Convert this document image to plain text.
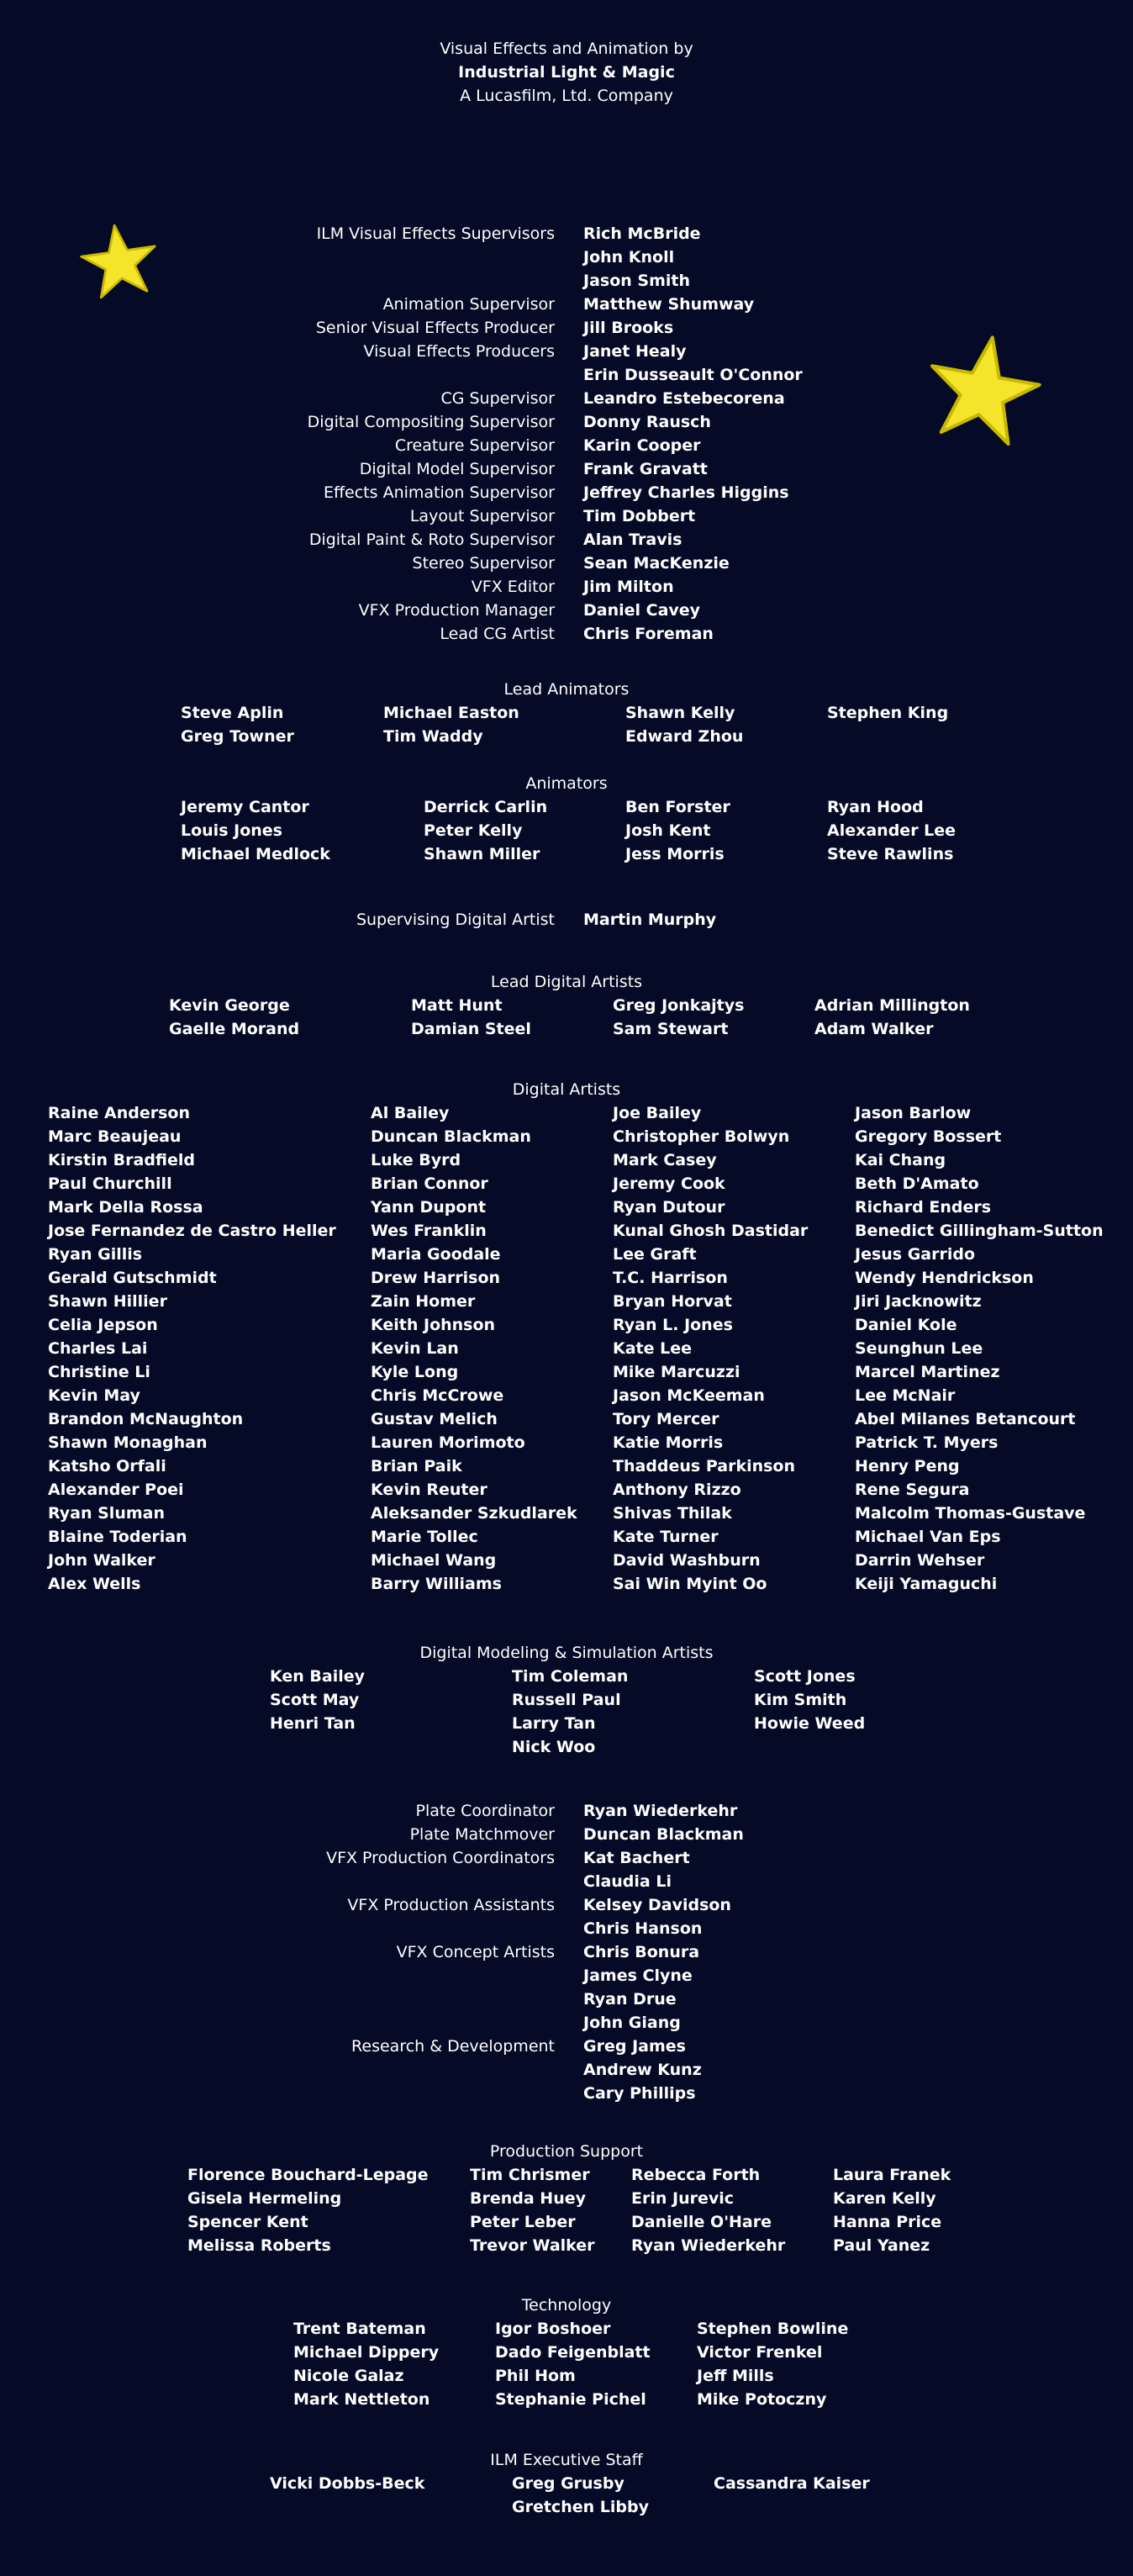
Visual Effects and Animation by
Industrial Light & Magic
A Lucasfilm, Ltd. Company
ILM Visual Effects Supervisors Rich McBride
John Knoll
Jason Smith
Animation Supervisor Matthew Shumway
Senior Visual Effects Producer Jill Brooks
Visual Effects Producers Janet Healy
Erin Dusseault O'Connor
CG Supervisor Leandro Estebecorena
Digital Compositing Supervisor Donny Rausch
Creature Supervisor Karin Cooper
Digital Model Supervisor Frank Gravatt
Effects Animation Supervisor Jeffrey Charles Higgins
Layout Supervisor Tim Dobbert
Digital Paint & Roto Supervisor Alan Travis
Stereo Supervisor Sean MacKenzie
VFX Editor Jim Milton
VFX Production Manager Daniel Cavey
Lead CG Artist Chris Foreman
Lead Animators
Steve Aplin
Greg Towner
Michael Easton
Tim Waddy
Shawn Kelly
Edward Zhou
Stephen King
Animators
Jeremy Cantor
Louis Jones
Michael Medlock
Derrick Carlin
Peter Kelly
Shawn Miller
Ben Forster
Josh Kent
Jess Morris
Ryan Hood
Alexander Lee
Steve Rawlins
Supervising Digital Artist Martin Murphy
Lead Digital Artists
Kevin George
Gaelle Morand
Matt Hunt
Damian Steel
Greg Jonkajtys
Sam Stewart
Adrian Millington
Adam Walker
Digital Artists
Raine Anderson
Marc Beaujeau
Kirstin Bradfield
Paul Churchill
Mark Della Rossa
Jose Fernandez de Castro Heller
Ryan Gillis
Gerald Gutschmidt
Shawn Hillier
Celia Jepson
Charles Lai
Christine Li
Kevin May
Brandon McNaughton
Shawn Monaghan
Katsho Orfali
Alexander Poei
Ryan Sluman
Blaine Toderian
John Walker
Alex Wells
Al Bailey
Duncan Blackman
Luke Byrd
Brian Connor
Yann Dupont
Wes Franklin
Maria Goodale
Drew Harrison
Zain Homer
Keith Johnson
Kevin Lan
Kyle Long
Chris McCrowe
Gustav Melich
Lauren Morimoto
Brian Paik
Kevin Reuter
Aleksander Szkudlarek
Marie Tollec
Michael Wang
Barry Williams
Joe Bailey
Christopher Bolwyn
Mark Casey
Jeremy Cook
Ryan Dutour
Kunal Ghosh Dastidar
Lee Graft
T.C. Harrison
Bryan Horvat
Ryan L. Jones
Kate Lee
Mike Marcuzzi
Jason McKeeman
Tory Mercer
Katie Morris
Thaddeus Parkinson
Anthony Rizzo
Shivas Thilak
Kate Turner
David Washburn
Sai Win Myint Oo
Jason Barlow
Gregory Bossert
Kai Chang
Beth D'Amato
Richard Enders
Benedict Gillingham-Sutton
Jesus Garrido
Wendy Hendrickson
Jiri Jacknowitz
Daniel Kole
Seunghun Lee
Marcel Martinez
Lee McNair
Abel Milanes Betancourt
Patrick T. Myers
Henry Peng
Rene Segura
Malcolm Thomas-Gustave
Michael Van Eps
Darrin Wehser
Keiji Yamaguchi
Digital Modeling & Simulation Artists
Ken Bailey
Scott May
Henri Tan
Tim Coleman
Russell Paul
Larry Tan
Nick Woo
Scott Jones
Kim Smith
Howie Weed
Plate Coordinator Ryan Wiederkehr
Plate Matchmover Duncan Blackman
VFX Production Coordinators Kat Bachert
Claudia Li
VFX Production Assistants Kelsey Davidson
Chris Hanson
VFX Concept Artists Chris Bonura
James Clyne
Ryan Drue
John Giang
Research & Development Greg James
Andrew Kunz
Cary Phillips
Production Support
Florence Bouchard-Lepage
Gisela Hermeling
Spencer Kent
Melissa Roberts
Tim Chrismer
Brenda Huey
Peter Leber
Trevor Walker
Rebecca Forth
Erin Jurevic
Danielle O'Hare
Ryan Wiederkehr
Laura Franek
Karen Kelly
Hanna Price
Paul Yanez
Technology
Trent Bateman
Michael Dippery
Nicole Galaz
Mark Nettleton
Igor Boshoer
Dado Feigenblatt
Phil Hom
Stephanie Pichel
Stephen Bowline
Victor Frenkel
Jeff Mills
Mike Potoczny
ILM Executive Staff
Vicki Dobbs-Beck	Greg Grusby
Gretchen Libby
Cassandra Kaiser
